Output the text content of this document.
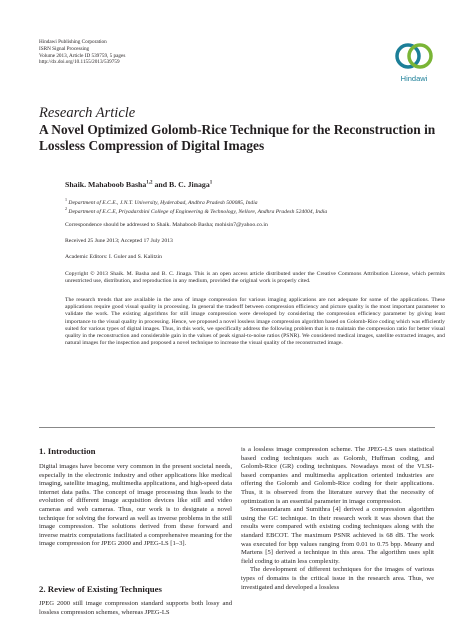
Hindawi Publishing Corporation
ISRN Signal Processing
Volume 2013, Article ID 539759, 5 pages
http://dx.doi.org/10.1155/2013/539759
Hindawi
Research Article
A Novel Optimized Golomb-Rice Technique for the Reconstruction in Lossless Compression of Digital Images
Shaik. Mahaboob Basha$^{1,2}$ and B. C. Jinaga$^1$
$^1$ Department of E.C.E., J.N.T. University, Hyderabad, Andhra Pradesh 500085, India
$^2$ Department of E.C.E, Priyadarshini College of Engineering & Technology, Nellore, Andhra Pradesh 524004, India
Correspondence should be addressed to Shaik. Mahaboob Basha; mohisin7@yahoo.co.in
Received 25 June 2013; Accepted 17 July 2013
Academic Editors: I. Guler and S. Kalitzin
Copyright © 2013 Shaik. M. Basha and B. C. Jinaga. This is an open access article distributed under the Creative Commons Attribution License, which permits unrestricted use, distribution, and reproduction in any medium, provided the original work is properly cited.
The research trends that are available in the area of image compression for various imaging applications are not adequate for some of the applications. These applications require good visual quality in processing. In general the tradeoff between compression efficiency and picture quality is the most important parameter to validate the work. The existing algorithms for still image compression were developed by considering the compression efficiency parameter by giving least importance to the visual quality in processing. Hence, we proposed a novel lossless image compression algorithm based on Golomb-Rice coding which was efficiently suited for various types of digital images. Thus, in this work, we specifically address the following problem that is to maintain the compression ratio for better visual quality in the reconstruction and considerable gain in the values of peak signal-to-noise ratios (PSNR). We considered medical images, satellite extracted images, and natural images for the inspection and proposed a novel technique to increase the visual quality of the reconstructed image.
1. Introduction

Digital images have become very common in the present societal needs, especially in the electronic industry and other applications like medical imaging, satellite imaging, multimedia applications, and high-speed data internet data paths. The concept of image processing thus leads to the evolution of different image acquisition devices like still and video cameras and web cameras. Thus, our work is to designate a novel technique for solving the forward as well as inverse problems in the still image compression. The solutions derived from these forward and inverse matrix computations facilitated a comprehensive meaning for the image compression for JPEG 2000 and JPEG-LS [1–3].

2. Review of Existing Techniques

JPEG 2000 still image compression standard supports both lossy and lossless compression schemes, whereas JPEG-LS

is a lossless image compression scheme. The JPEG-LS uses statistical based coding techniques such as Golomb, Huffman coding, and Golomb-Rice (GR) coding techniques. Nowadays most of the VLSI-based companies and multimedia application oriented industries are offering the Golomb and Golomb-Rice coding for their applications. Thus, it is observed from the literature survey that the necessity of optimization is an essential parameter in image compression.

Somasundaram and Sumithra [4] derived a compression algorithm using the GC technique. In their research work it was shown that the results were compared with existing coding techniques along with the standard EBCOT. The maximum PSNR achieved is 68 dB. The work was executed for bpp values ranging from 0.01 to 0.75 bpp. Meany and Martens [5] derived a technique in this area. The algorithm uses split field coding to attain less complexity.

The development of different techniques for the images of various types of domains is the critical issue in the research area. Thus, we investigated and developed a lossless
